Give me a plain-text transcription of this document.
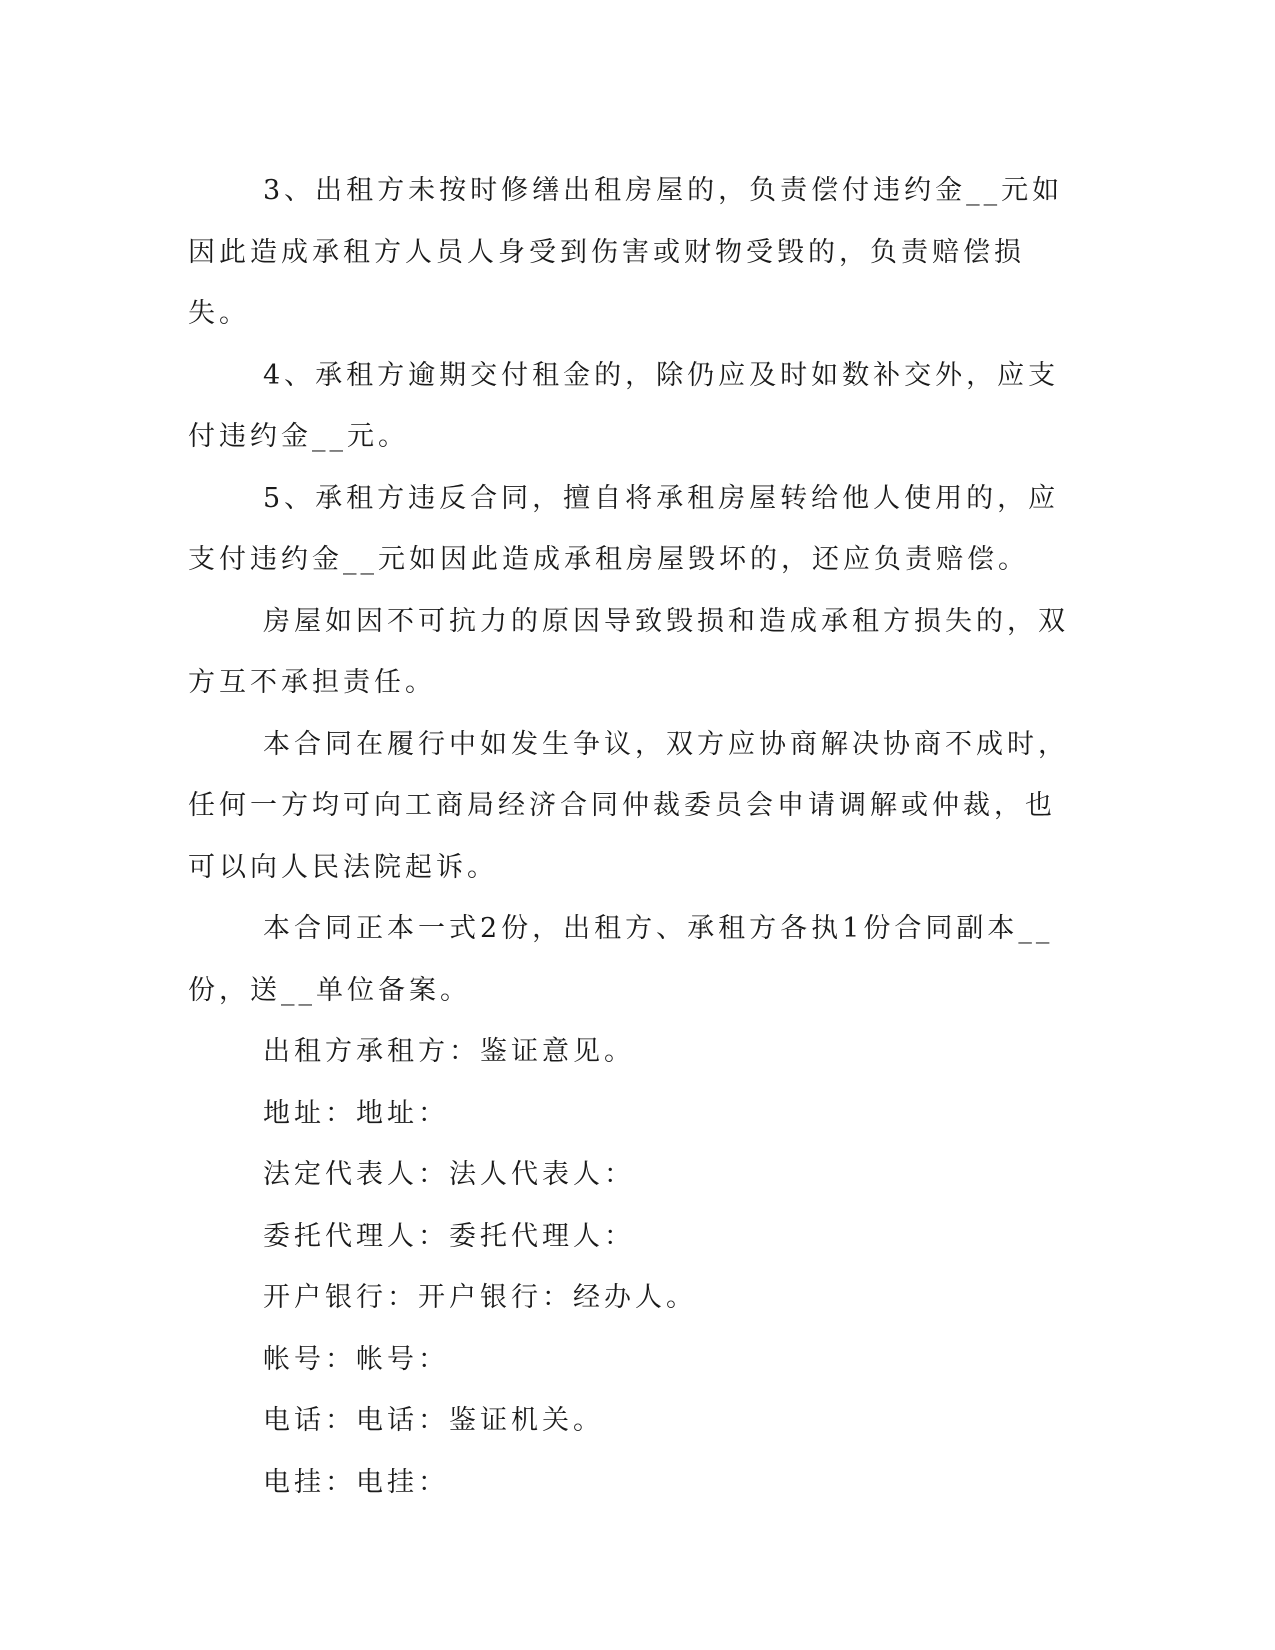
3、出租方未按时修缮出租房屋的，负责偿付违约金__元如因此造成承租方人员人身受到伤害或财物受毁的，负责赔偿损失。

4、承租方逾期交付租金的，除仍应及时如数补交外，应支付违约金__元。

5、承租方违反合同，擅自将承租房屋转给他人使用的，应支付违约金__元如因此造成承租房屋毁坏的，还应负责赔偿。

房屋如因不可抗力的原因导致毁损和造成承租方损失的，双方互不承担责任。

本合同在履行中如发生争议，双方应协商解决协商不成时，任何一方均可向工商局经济合同仲裁委员会申请调解或仲裁，也可以向人民法院起诉。

本合同正本一式2份，出租方、承租方各执1份合同副本__份，送__单位备案。

出租方承租方：鉴证意见。

地址：地址：

法定代表人：法人代表人：

委托代理人：委托代理人：

开户银行：开户银行：经办人。

帐号：帐号：

电话：电话：鉴证机关。

电挂：电挂：
